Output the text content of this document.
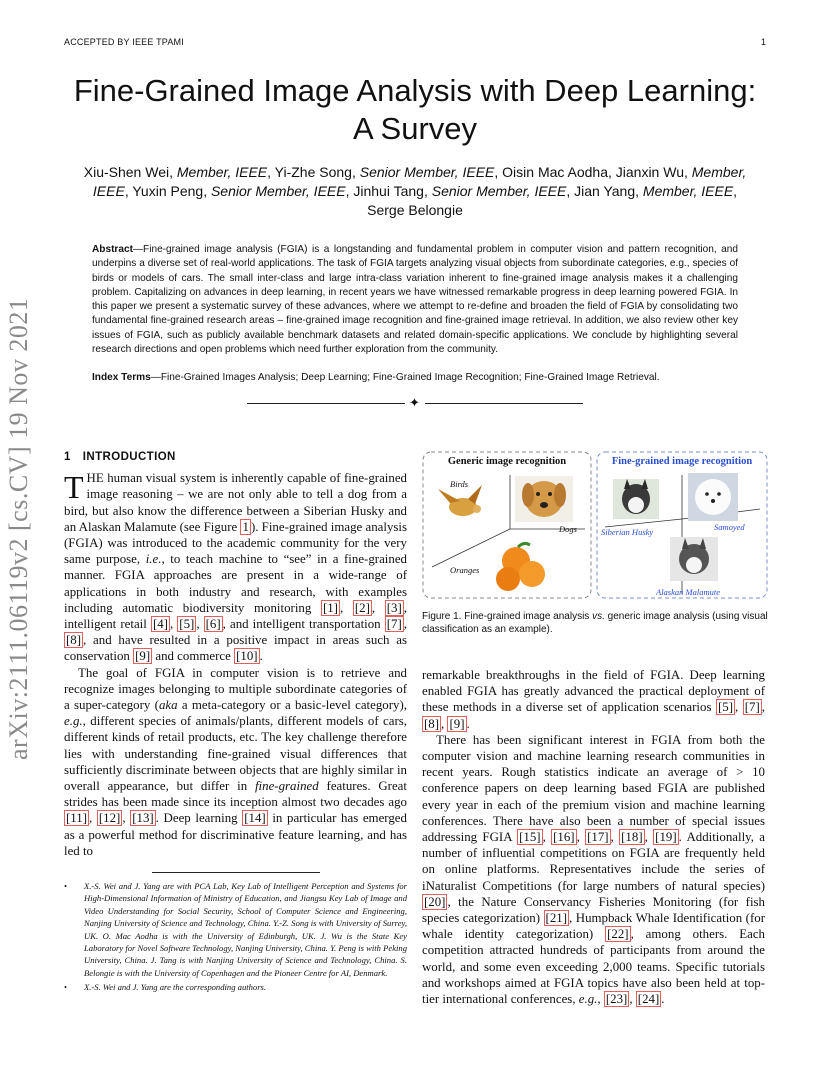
ACCEPTED BY IEEE TPAMI	1
arXiv:2111.06119v2 [cs.CV] 19 Nov 2021
Fine-Grained Image Analysis with Deep Learning: A Survey
Xiu-Shen Wei, Member, IEEE, Yi-Zhe Song, Senior Member, IEEE, Oisin Mac Aodha, Jianxin Wu, Member, IEEE, Yuxin Peng, Senior Member, IEEE, Jinhui Tang, Senior Member, IEEE, Jian Yang, Member, IEEE, Serge Belongie
Abstract—Fine-grained image analysis (FGIA) is a longstanding and fundamental problem in computer vision and pattern recognition, and underpins a diverse set of real-world applications. The task of FGIA targets analyzing visual objects from subordinate categories, e.g., species of birds or models of cars. The small inter-class and large intra-class variation inherent to fine-grained image analysis makes it a challenging problem. Capitalizing on advances in deep learning, in recent years we have witnessed remarkable progress in deep learning powered FGIA. In this paper we present a systematic survey of these advances, where we attempt to re-define and broaden the field of FGIA by consolidating two fundamental fine-grained research areas – fine-grained image recognition and fine-grained image retrieval. In addition, we also review other key issues of FGIA, such as publicly available benchmark datasets and related domain-specific applications. We conclude by highlighting several research directions and open problems which need further exploration from the community.
Index Terms—Fine-Grained Images Analysis; Deep Learning; Fine-Grained Image Recognition; Fine-Grained Image Retrieval.
✦
1 INTRODUCTION

THE human visual system is inherently capable of fine-grained image reasoning – we are not only able to tell a dog from a bird, but also know the difference between a Siberian Husky and an Alaskan Malamute (see Figure 1 ). Fine-grained image analysis (FGIA) was introduced to the academic community for the very same purpose, i.e., to teach machine to “see” in a fine-grained manner. FGIA approaches are present in a wide-range of applications in both industry and research, with examples including automatic biodiversity monitoring [1] , [2] , [3] , intelligent retail [4] , [5] , [6] , and intelligent transportation [7] , [8] , and have resulted in a positive impact in areas such as conservation [9] and commerce [10] .

The goal of FGIA in computer vision is to retrieve and recognize images belonging to multiple subordinate categories of a super-category (aka a meta-category or a basic-level category), e.g., different species of animals/plants, different models of cars, different kinds of retail products, etc. The key challenge therefore lies with understanding fine-grained visual differences that sufficiently discriminate between objects that are highly similar in overall appearance, but differ in fine-grained features. Great strides has been made since its inception almost two decades ago [11] , [12] , [13] . Deep learning [14] in particular has emerged as a powerful method for discriminative feature learning, and has led to

• X.-S. Wei and J. Yang are with PCA Lab, Key Lab of Intelligent Perception and Systems for High-Dimensional Information of Ministry of Education, and Jiangsu Key Lab of Image and Video Understanding for Social Security, School of Computer Science and Engineering, Nanjing University of Science and Technology, China. Y.-Z. Song is with University of Surrey, UK. O. Mac Aodha is with the University of Edinburgh, UK. J. Wu is the State Key Laboratory for Novel Software Technology, Nanjing University, China. Y. Peng is with Peking University, China. J. Tang is with Nanjing University of Science and Technology, China. S. Belongie is with the University of Copenhagen and the Pioneer Centre for AI, Denmark.
• X.-S. Wei and J. Yang are the corresponding authors.
Generic image recognition	Fine-grained image recognition
Birds
Dogs
Oranges
Siberian Husky	Samoyed
Alaskan Malamute
Figure 1. Fine-grained image analysis vs. generic image analysis (using visual classification as an example).

remarkable breakthroughs in the field of FGIA. Deep learning enabled FGIA has greatly advanced the practical deployment of these methods in a diverse set of application scenarios [5] , [7] , [8] , [9] .

There has been significant interest in FGIA from both the computer vision and machine learning research communities in recent years. Rough statistics indicate an average of > 10 conference papers on deep learning based FGIA are published every year in each of the premium vision and machine learning conferences. There have also been a number of special issues addressing FGIA [15] , [16] , [17] , [18] , [19] . Additionally, a number of influential competitions on FGIA are frequently held on online platforms. Representatives include the series of iNaturalist Competitions (for large numbers of natural species) [20] , the Nature Conservancy Fisheries Monitoring (for fish species categorization) [21] , Humpback Whale Identification (for whale identity categorization) [22] , among others. Each competition attracted hundreds of participants from around the world, and some even exceeding 2,000 teams. Specific tutorials and workshops aimed at FGIA topics have also been held at top-tier international conferences, e.g., [23] , [24] .
